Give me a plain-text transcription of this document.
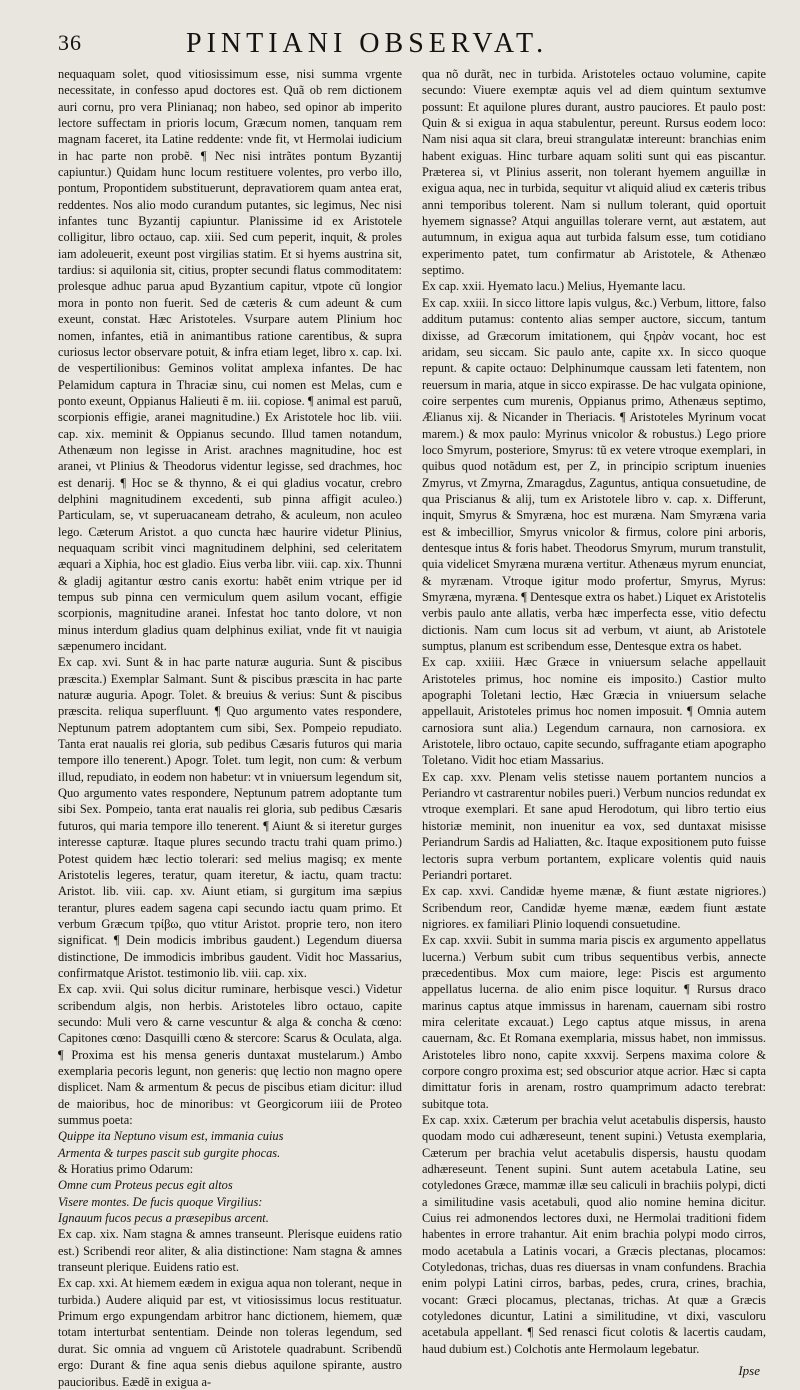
36	PINTIANI OBSERVAT.

nequaquam solet, quod vitiosissimum esse, nisi summa vrgente necessitate, in confesso apud doctores est. Quã ob rem dictionem auri cornu, pro vera Plinianaq; non habeo, sed opinor ab imperito lectore suffectam in prioris locum, Græcum nomen, tanquam rem magnam faceret, ita Latine reddente: vnde fit, vt Hermolai iudicium in hac parte non probẽ. ¶ Nec nisi intrãtes pontum Byzantij capiuntur.) Quidam hunc locum restituere volentes, pro verbo illo, pontum, Propontidem substituerunt, depravatiorem quam antea erat, reddentes. Nos alio modo curandum putantes, sic legimus, Nec nisi infantes tunc Byzantij capiuntur. Planissime id ex Aristotele colligitur, libro octauo, cap. xiii. Sed cum peperit, inquit, & proles iam adoleuerit, exeunt post virgilias statim. Et si hyems austrina sit, tardius: si aquilonia sit, citius, propter secundi flatus commoditatem: prolesque adhuc parua apud Byzantium capitur, vtpote cũ longior mora in ponto non fuerit. Sed de cæteris & cum adeunt & cum exeunt, constat. Hæc Aristoteles. Vsurpare autem Plinium hoc nomen, infantes, etiã in animantibus ratione carentibus, & supra curiosus lector observare potuit, & infra etiam leget, libro x. cap. lxi. de vespertilionibus: Geminos volitat amplexa infantes. De hac Pelamidum captura in Thraciæ sinu, cui nomen est Melas, cum e ponto exeunt, Oppianus Halieuti ẽ m. iii. copiose. ¶ animal est paruũ, scorpionis effigie, aranei magnitudine.) Ex Aristotele hoc lib. viii. cap. xix. meminit & Oppianus secundo. Illud tamen notandum, Athenæum non legisse in Arist. arachnes magnitudine, hoc est aranei, vt Plinius & Theodorus videntur legisse, sed drachmes, hoc est denarij. ¶ Hoc se & thynno, & ei qui gladius vocatur, crebro delphini magnitudinem excedenti, sub pinna affigit aculeo.) Particulam, se, vt superuacaneam detraho, & aculeum, non aculeo lego. Cæterum Aristot. a quo cuncta hæc haurire videtur Plinius, nequaquam scribit vinci magnitudinem delphini, sed celeritatem æquari a Xiphia, hoc est gladio. Eius verba libr. viii. cap. xix. Thunni & gladij agitantur œstro canis exortu: habẽt enim vtrique per id tempus sub pinna cen vermiculum quem asilum vocant, effigie scorpionis, magnitudine aranei. Infestat hoc tanto dolore, vt non minus interdum gladius quam delphinus exiliat, vnde fit vt nauigia sæpenumero incidant.

Ex cap. xvi. Sunt & in hac parte naturæ auguria. Sunt & piscibus præscita.) Exemplar Salmant. Sunt & piscibus præscita in hac parte naturæ auguria. Apogr. Tolet. & breuius & verius: Sunt & piscibus præscita. reliqua superfluunt. ¶ Quo argumento vates respondere, Neptunum patrem adoptantem cum sibi, Sex. Pompeio repudiato. Tanta erat naualis rei gloria, sub pedibus Cæsaris futuros qui maria tempore illo tenerent.) Apogr. Tolet. tum legit, non cum: & verbum illud, repudiato, in eodem non habetur: vt in vniuersum legendum sit, Quo argumento vates respondere, Neptunum patrem adoptante tum sibi Sex. Pompeio, tanta erat naualis rei gloria, sub pedibus Cæsaris futuros, qui maria tempore illo tenerent. ¶ Aiunt & si iteretur gurges interesse capturæ. Itaque plures secundo tractu trahi quam primo.) Potest quidem hæc lectio tolerari: sed melius magisq; ex mente Aristotelis legeres, teratur, quam iteretur, & iactu, quam tractu: Aristot. lib. viii. cap. xv. Aiunt etiam, si gurgitum ima sæpius terantur, plures eadem sagena capi secundo iactu quam primo. Et verbum Græcum τρίβω, quo vtitur Aristot. proprie tero, non itero significat. ¶ Dein modicis imbribus gaudent.) Legendum diuersa distinctione, De immodicis imbribus gaudent. Vidit hoc Massarius, confirmatque Aristot. testimonio lib. viii. cap. xix.

Ex cap. xvii. Qui solus dicitur ruminare, herbisque vesci.) Videtur scribendum algis, non herbis. Aristoteles libro octauo, capite secundo: Muli vero & carne vescuntur & alga & concha & cœno: Capitones cœno: Dasquilli cœno & stercore: Scarus & Oculata, alga. ¶ Proxima est his mensa generis duntaxat mustelarum.) Ambo exemplaria pecoris legunt, non generis: quę lectio non magno opere displicet. Nam & armentum & pecus de piscibus etiam dicitur: illud de maioribus, hoc de minoribus: vt Georgicorum iiii de Proteo summus poeta:

Quippe ita Neptuno visum est, immania cuius

Armenta & turpes pascit sub gurgite phocas.

& Horatius primo Odarum:

Omne cum Proteus pecus egit altos

Visere montes. De fucis quoque Virgilius:

Ignauum fucos pecus a præsepibus arcent.

Ex cap. xix. Nam stagna & amnes transeunt. Plerisque euidens ratio est.) Scribendi reor aliter, & alia distinctione: Nam stagna & amnes transeunt plerique. Euidens ratio est.

Ex cap. xxi. At hiemem eædem in exigua aqua non tolerant, neque in turbida.) Audere aliquid par est, vt vitiosissimus locus restituatur. Primum ergo expungendam arbitror hanc dictionem, hiemem, quæ totam interturbat sententiam. Deinde non toleras legendum, sed durat. Sic omnia ad vnguem cũ Aristotele quadrabunt. Scribendũ ergo: Durant & fine aqua senis diebus aquilone spirante, austro paucioribus. Eædẽ in exigua a-

qua nõ durãt, nec in turbida. Aristoteles octauo volumine, capite secundo: Viuere exemptæ aquis vel ad diem quintum sextumve possunt: Et aquilone plures durant, austro pauciores. Et paulo post: Quin & si exigua in aqua stabulentur, pereunt. Rursus eodem loco: Nam nisi aqua sit clara, breui strangulatæ intereunt: branchias enim habent exiguas. Hinc turbare aquam soliti sunt qui eas piscantur. Præterea si, vt Plinius asserit, non tolerant hyemem anguillæ in exigua aqua, nec in turbida, sequitur vt aliquid aliud ex cæteris tribus anni temporibus tolerent. Nam si nullum tolerant, quid oportuit hyemem signasse? Atqui anguillas tolerare vernt, aut æstatem, aut autumnum, in exigua aqua aut turbida falsum esse, tum cotidiano experimento patet, tum confirmatur ab Aristotele, & Athenæo septimo.

Ex cap. xxii. Hyemato lacu.) Melius, Hyemante lacu.

Ex cap. xxiii. In sicco littore lapis vulgus, &c.) Verbum, littore, falso additum putamus: contento alias semper auctore, siccum, tantum dixisse, ad Græcorum imitationem, qui ξηρὰν vocant, hoc est aridam, seu siccam. Sic paulo ante, capite xx. In sicco quoque repunt. & capite octauo: Delphinumque caussam leti fatentem, non reuersum in maria, atque in sicco expirasse. De hac vulgata opinione, coire serpentes cum murenis, Oppianus primo, Athenæus septimo, Ælianus xij. & Nicander in Theriacis. ¶ Aristoteles Myrinum vocat marem.) & mox paulo: Myrinus vnicolor & robustus.) Lego priore loco Smyrum, posteriore, Smyrus: tũ ex vetere vtroque exemplari, in quibus quod notãdum est, per Z, in principio scriptum inuenies Zmyrus, vt Zmyrna, Zmaragdus, Zaguntus, antiqua consuetudine, de qua Priscianus & alij, tum ex Aristotele libro v. cap. x. Differunt, inquit, Smyrus & Smyræna, hoc est muræna. Nam Smyræna varia est & imbecillior, Smyrus vnicolor & firmus, colore pini arboris, dentesque intus & foris habet. Theodorus Smyrum, murum transtulit, quia videlicet Smyræna muræna vertitur. Athenæus myrum enunciat, & myrænam. Vtroque igitur modo profertur, Smyrus, Myrus: Smyræna, myræna. ¶ Dentesque extra os habet.) Liquet ex Aristotelis verbis paulo ante allatis, verba hæc imperfecta esse, vitio defectu dictionis. Nam cum locus sit ad verbum, vt aiunt, ab Aristotele sumptus, planum est scribendum esse, Dentesque extra os habet.

Ex cap. xxiiii. Hæc Græce in vniuersum selache appellauit Aristoteles primus, hoc nomine eis imposito.) Castior multo apographi Toletani lectio, Hæc Græcia in vniuersum selache appellauit, Aristoteles primus hoc nomen imposuit. ¶ Omnia autem carnosiora sunt alia.) Legendum carnaura, non carnosiora. ex Aristotele, libro octauo, capite secundo, suffragante etiam apographo Toletano. Vidit hoc etiam Massarius.

Ex cap. xxv. Plenam velis stetisse nauem portantem nuncios a Periandro vt castrarentur nobiles pueri.) Verbum nuncios redundat ex vtroque exemplari. Et sane apud Herodotum, qui libro tertio eius historiæ meminit, non inuenitur ea vox, sed duntaxat misisse Periandrum Sardis ad Haliatten, &c. Itaque expositionem puto fuisse lectoris supra verbum portantem, explicare volentis quid nauis Periandri portaret.

Ex cap. xxvi. Candidæ hyeme mænæ, & fiunt æstate nigriores.) Scribendum reor, Candidæ hyeme mænæ, eædem fiunt æstate nigriores. ex familiari Plinio loquendi consuetudine.

Ex cap. xxvii. Subit in summa maria piscis ex argumento appellatus lucerna.) Verbum subit cum tribus sequentibus verbis, annecte præcedentibus. Mox cum maiore, lege: Piscis est argumento appellatus lucerna. de alio enim pisce loquitur. ¶ Rursus draco marinus captus atque immissus in harenam, cauernam sibi rostro mira celeritate excauat.) Lego captus atque missus, in arena cauernam, &c. Et Romana exemplaria, missus habet, non immissus. Aristoteles libro nono, capite xxxvij. Serpens maxima colore & corpore congro proxima est; sed obscurior atque acrior. Hæc si capta dimittatur foris in arenam, rostro quamprimum adacto terebrat: subitque tota.

Ex cap. xxix. Cæterum per brachia velut acetabulis dispersis, hausto quodam modo cui adhæreseunt, tenent supini.) Vetusta exemplaria, Cæterum per brachia velut acetabulis dispersis, haustu quodam adhæreseunt. Tenent supini. Sunt autem acetabula Latine, seu cotyledones Græce, mammæ illæ seu caliculi in brachiis polypi, dicti a similitudine vasis acetabuli, quod alio nomine hemina dicitur. Cuius rei admonendos lectores duxi, ne Hermolai traditioni fidem habentes in errore trahantur. Ait enim brachia polypi modo cirros, modo acetabula a Latinis vocari, a Græcis plectanas, plocamos: Cotyledonas, trichas, duas res diuersas in vnam confundens. Brachia enim polypi Latini cirros, barbas, pedes, crura, crines, brachia, vocant: Græci plocamus, plectanas, trichas. At quæ a Græcis cotyledones dicuntur, Latini a similitudine, vt dixi, vasculoru acetabula appellant. ¶ Sed renasci ficut colotis & lacertis caudam, haud dubium est.) Colchotis ante Hermolaum legebatur.

Ipse
